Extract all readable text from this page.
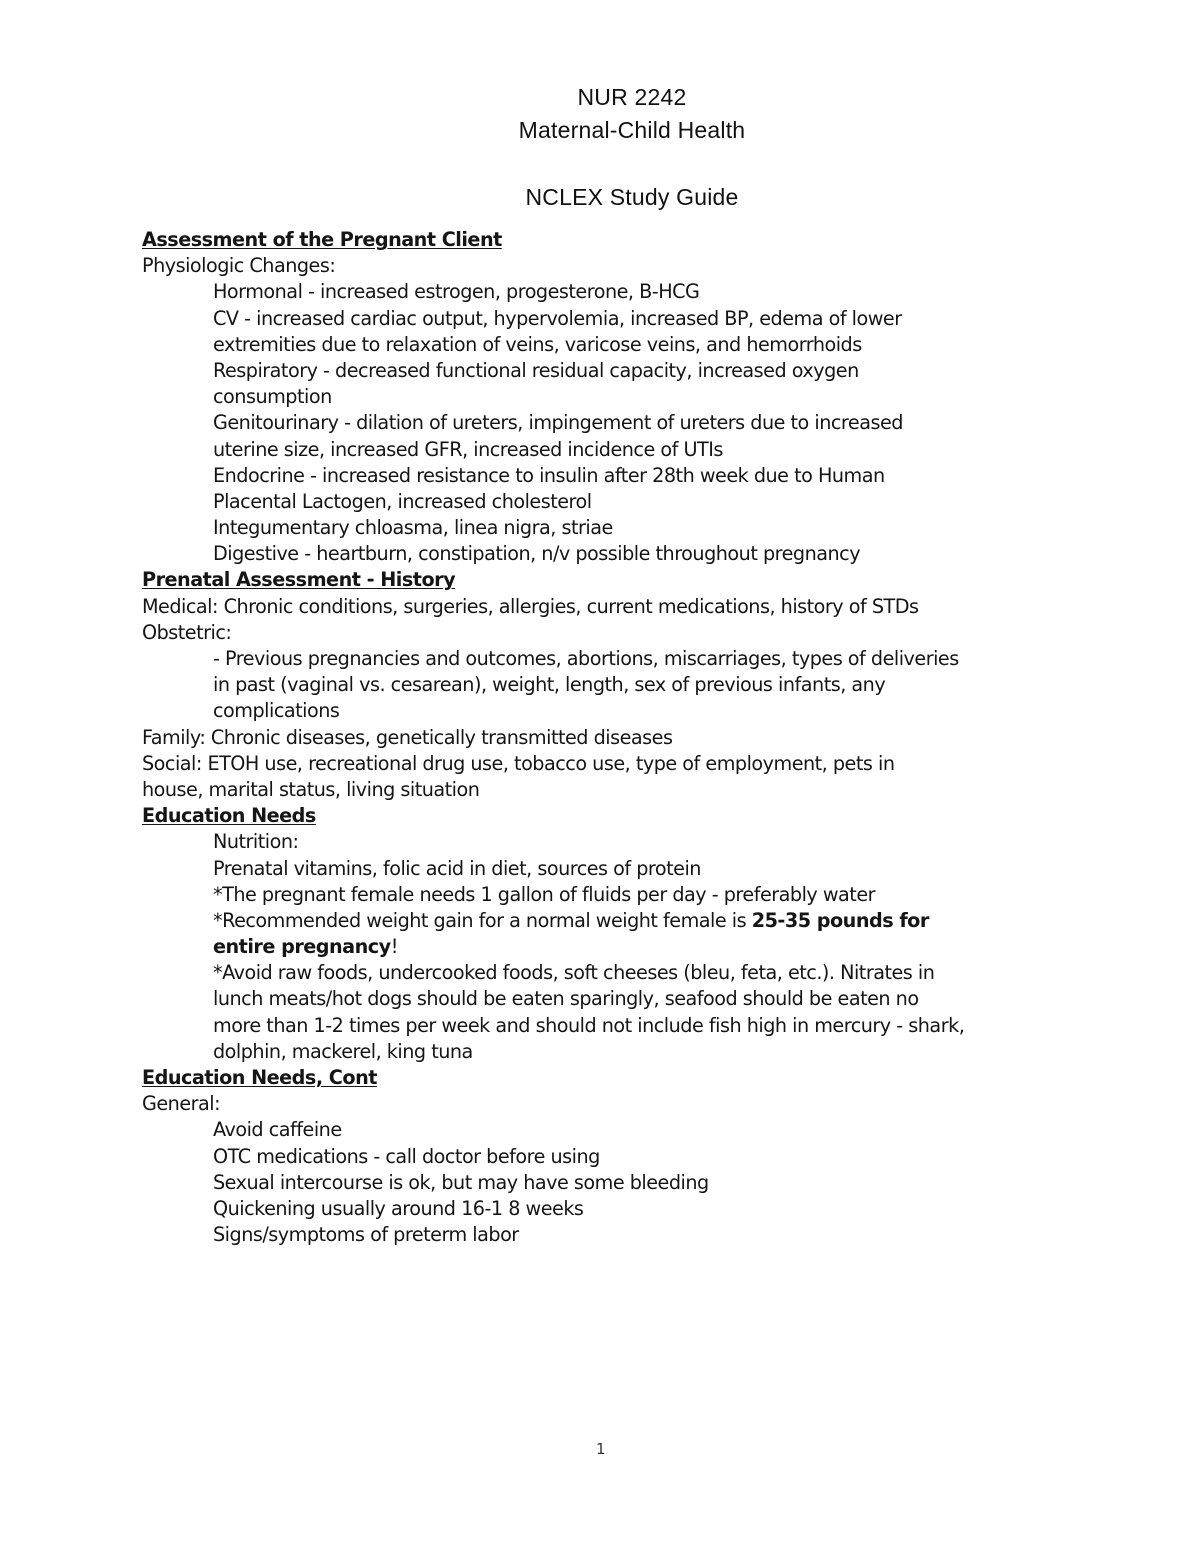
NUR 2242
Maternal-Child Health
NCLEX Study Guide
Assessment of the Pregnant Client
Physiologic Changes:
Hormonal - increased estrogen, progesterone, B-HCG
CV - increased cardiac output, hypervolemia, increased BP, edema of lower
extremities due to relaxation of veins, varicose veins, and hemorrhoids
Respiratory - decreased functional residual capacity, increased oxygen
consumption
Genitourinary - dilation of ureters, impingement of ureters due to increased
uterine size, increased GFR, increased incidence of UTIs
Endocrine - increased resistance to insulin after 28th week due to Human
Placental Lactogen, increased cholesterol
Integumentary chloasma, linea nigra, striae
Digestive - heartburn, constipation, n/v possible throughout pregnancy
Prenatal Assessment - History
Medical: Chronic conditions, surgeries, allergies, current medications, history of STDs
Obstetric:
- Previous pregnancies and outcomes, abortions, miscarriages, types of deliveries
in past (vaginal vs. cesarean), weight, length, sex of previous infants, any
complications
Family: Chronic diseases, genetically transmitted diseases
Social: ETOH use, recreational drug use, tobacco use, type of employment, pets in
house, marital status, living situation
Education Needs
Nutrition:
Prenatal vitamins, folic acid in diet, sources of protein
*The pregnant female needs 1 gallon of fluids per day - preferably water
*Recommended weight gain for a normal weight female is 25-35 pounds for
entire pregnancy!
*Avoid raw foods, undercooked foods, soft cheeses (bleu, feta, etc.). Nitrates in
lunch meats/hot dogs should be eaten sparingly, seafood should be eaten no
more than 1-2 times per week and should not include fish high in mercury - shark,
dolphin, mackerel, king tuna
Education Needs, Cont
General:
Avoid caffeine
OTC medications - call doctor before using
Sexual intercourse is ok, but may have some bleeding
Quickening usually around 16-1 8 weeks
Signs/symptoms of preterm labor
1
